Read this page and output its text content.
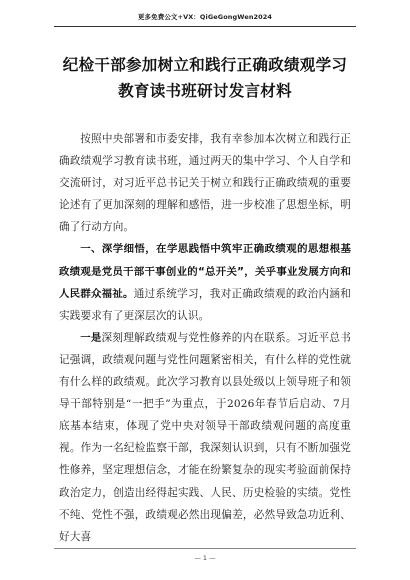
更多免费公文+VX：QiGeGongWen2024
纪检干部参加树立和践行正确政绩观学习
教育读书班研讨发言材料

按照中央部署和市委安排，我有幸参加本次树立和践行正确政绩观学习教育读书班，通过两天的集中学习、个人自学和交流研讨，对习近平总书记关于树立和践行正确政绩观的重要论述有了更加深刻的理解和感悟，进一步校准了思想坐标，明确了行动方向。

一、深学细悟，在学思践悟中筑牢正确政绩观的思想根基政绩观是党员干部干事创业的“总开关”，关乎事业发展方向和人民群众福祉。通过系统学习，我对正确政绩观的政治内涵和实践要求有了更深层次的认识。

一是深刻理解政绩观与党性修养的内在联系。习近平总书记强调，政绩观问题与党性问题紧密相关，有什么样的党性就有什么样的政绩观。此次学习教育以县处级以上领导班子和领导干部特别是“一把手”为重点，于2026年春节后启动、7月底基本结束，体现了党中央对领导干部政绩观问题的高度重视。作为一名纪检监察干部，我深刻认识到，只有不断加强党性修养，坚定理想信念，才能在纷繁复杂的现实考验面前保持政治定力，创造出经得起实践、人民、历史检验的实绩。党性不纯、党性不强，政绩观必然出现偏差，必然导致急功近利、好大喜

— 1 —
